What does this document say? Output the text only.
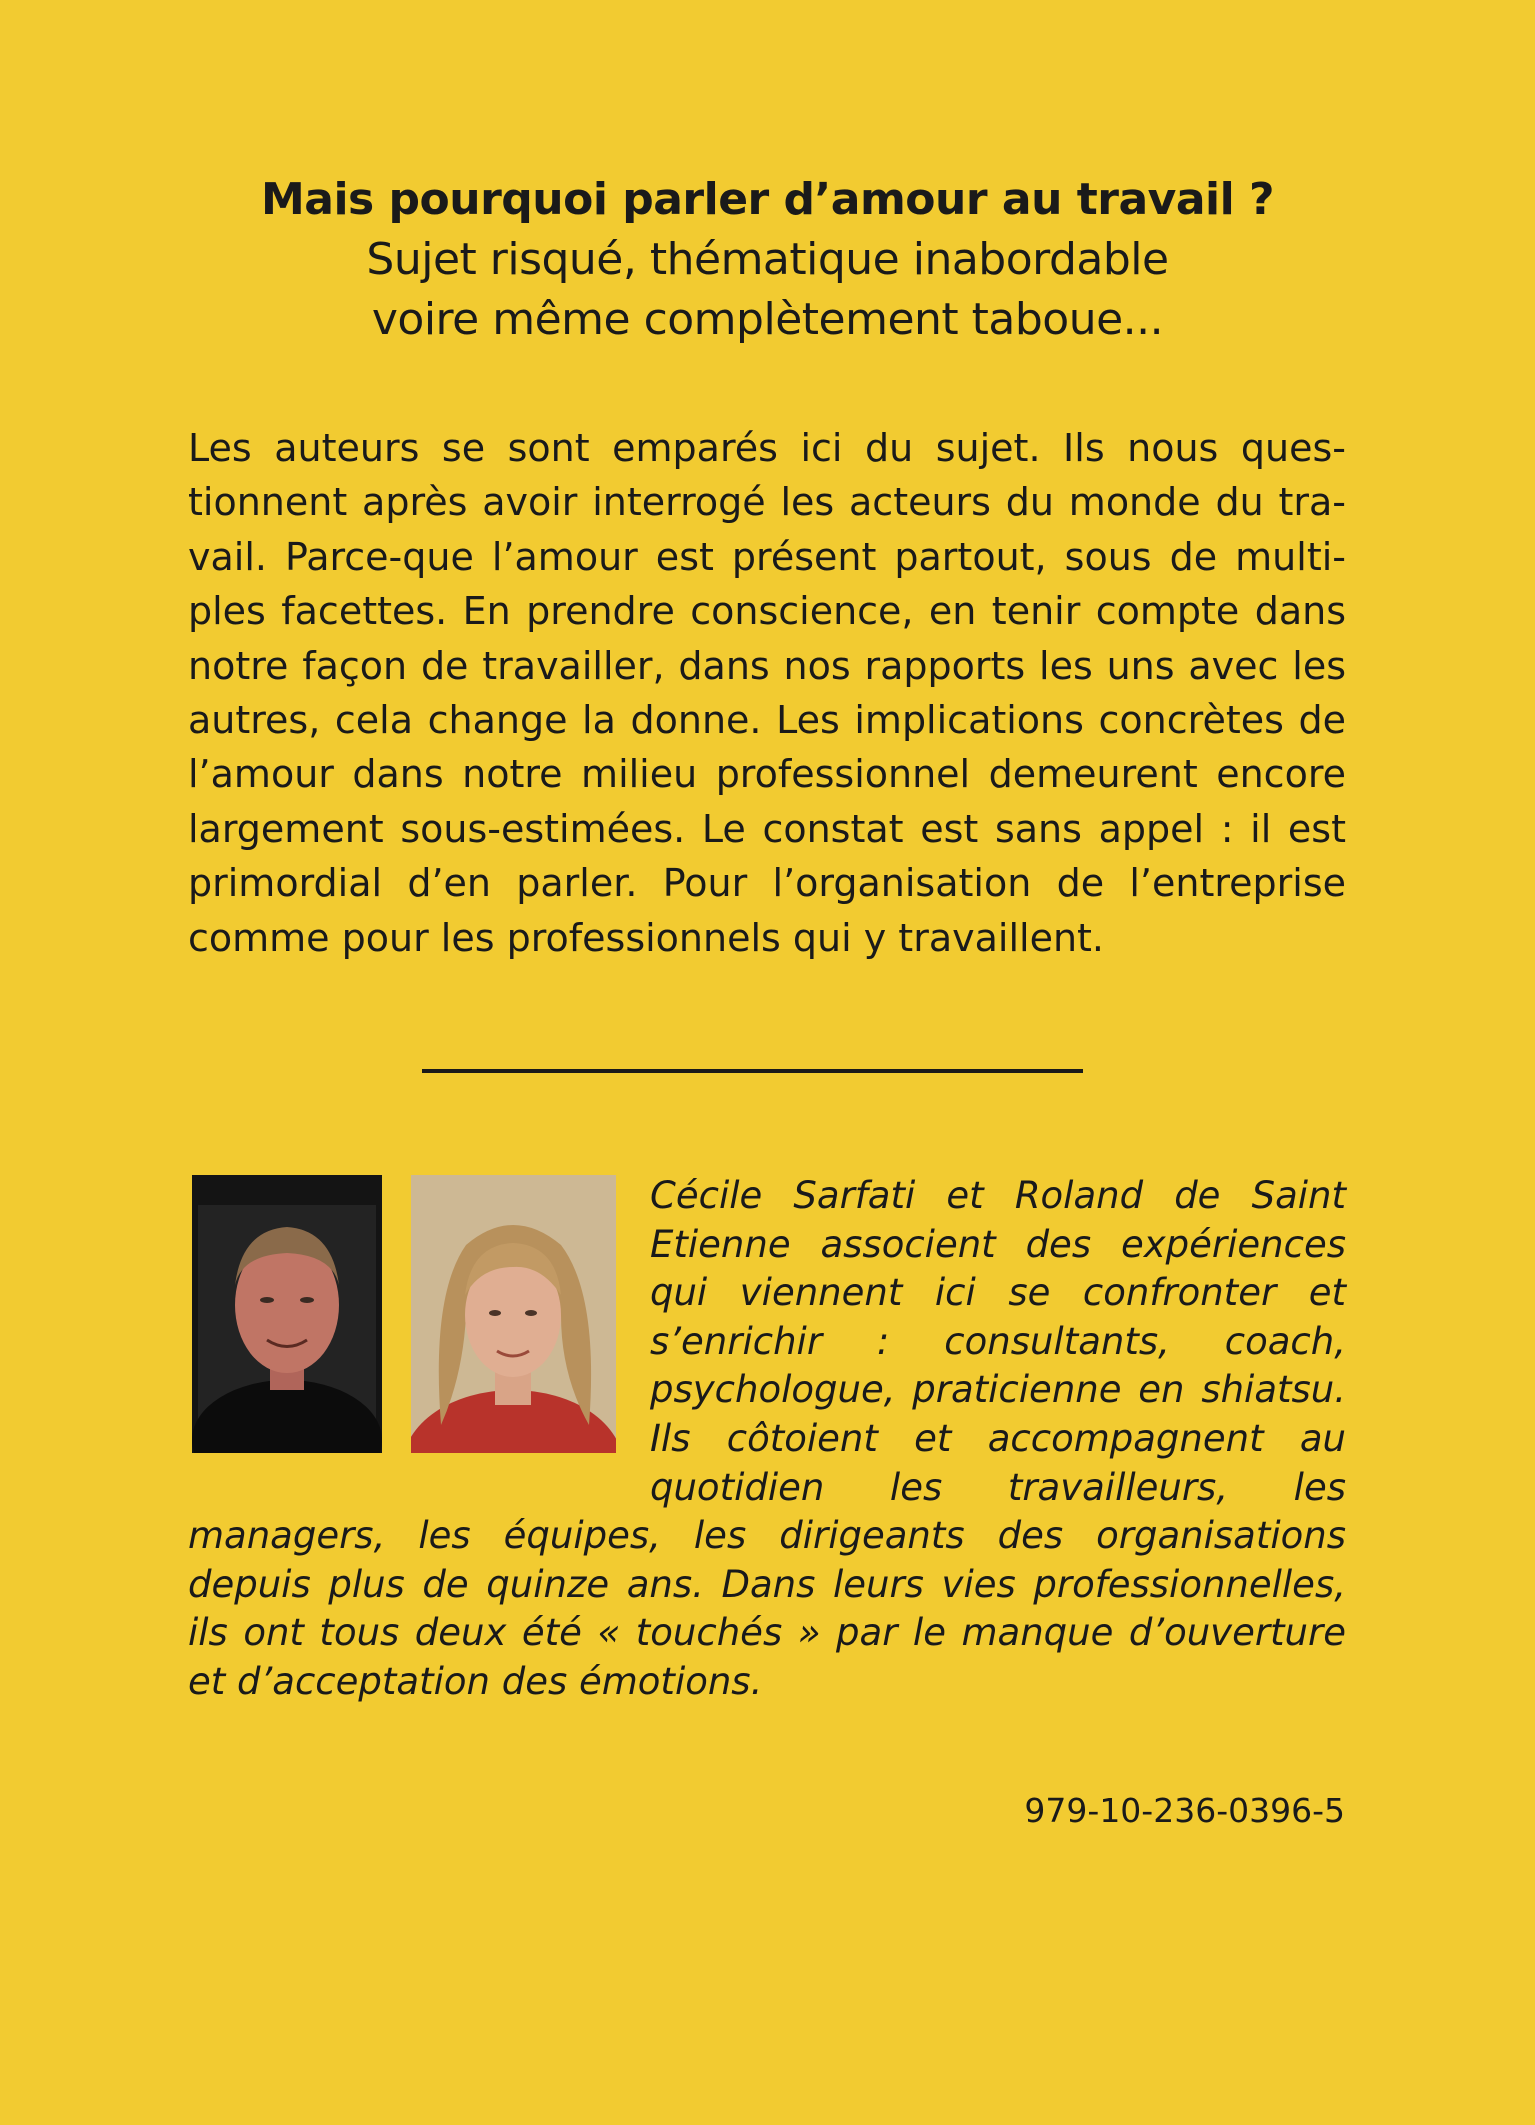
Mais pourquoi parler d’amour au travail ?
Sujet risqué, thématique inabordable
voire même complètement taboue...

Les auteurs se sont emparés ici du sujet. Ils nous questionnent après avoir interrogé les acteurs du monde du travail. Parce-que l’amour est présent partout, sous de multiples facettes. En prendre conscience, en tenir compte dans notre façon de travailler, dans nos rapports les uns avec les autres, cela change la donne. Les implications concrètes de l’amour dans notre milieu professionnel demeurent encore largement sous-estimées. Le constat est sans appel : il est primordial d’en parler. Pour l’organisation de l’entreprise comme pour les professionnels qui y travaillent.

Cécile Sarfati et Roland de Saint Etienne associent des expériences qui viennent ici se confronter et s’enrichir : consultants, coach, psychologue, praticienne en shiatsu. Ils côtoient et accompagnent au quotidien les travailleurs, les managers, les équipes, les dirigeants des organisations depuis plus de quinze ans. Dans leurs vies professionnelles, ils ont tous deux été « touchés » par le manque d’ouverture et d’acceptation des émotions.

979-10-236-0396-5
